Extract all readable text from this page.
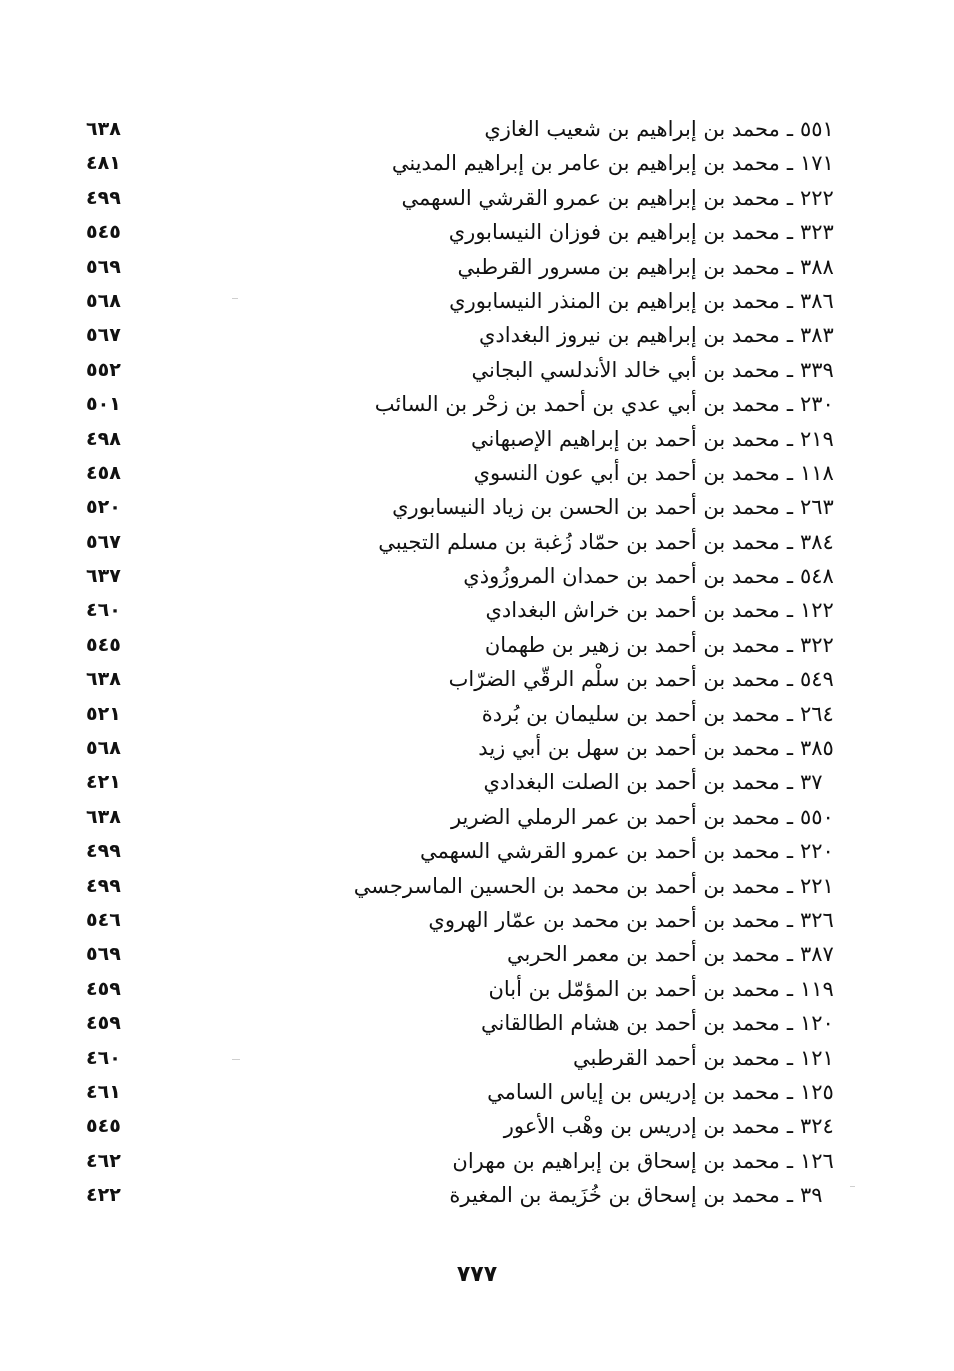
٥٥١ـمحمد بن إبراهيم بن شعيب الغازي
٦٣٨
١٧١ـمحمد بن إبراهيم بن عامر بن إبراهيم المديني
٤٨١
٢٢٢ـمحمد بن إبراهيم بن عمرو القرشي السهمي
٤٩٩
٣٢٣ـمحمد بن إبراهيم بن فوزان النيسابوري
٥٤٥
٣٨٨ـمحمد بن إبراهيم بن مسرور القرطبي
٥٦٩
٣٨٦ـمحمد بن إبراهيم بن المنذر النيسابوري
٥٦٨
٣٨٣ـمحمد بن إبراهيم بن نيروز البغدادي
٥٦٧
٣٣٩ـمحمد بن أبي خالد الأندلسي البجاني
٥٥٢
٢٣٠ـمحمد بن أبي عدي بن أحمد بن زحْر بن السائب
٥٠١
٢١٩ـمحمد بن أحمد بن إبراهيم الإصبهاني
٤٩٨
١١٨ـمحمد بن أحمد بن أبي عون النسوي
٤٥٨
٢٦٣ـمحمد بن أحمد بن الحسن بن زياد النيسابوري
٥٢٠
٣٨٤ـمحمد بن أحمد بن حمّاد زُغبة بن مسلم التجيبي
٥٦٧
٥٤٨ـمحمد بن أحمد بن حمدان المروزُوذي
٦٣٧
١٢٢ـمحمد بن أحمد بن خراش البغدادي
٤٦٠
٣٢٢ـمحمد بن أحمد بن زهير بن طهمان
٥٤٥
٥٤٩ـمحمد بن أحمد بن سلْم الرقّي الضرّاب
٦٣٨
٢٦٤ـمحمد بن أحمد بن سليمان بن بُردة
٥٢١
٣٨٥ـمحمد بن أحمد بن سهل بن أبي زيد
٥٦٨
٣٧ـمحمد بن أحمد بن الصلت البغدادي
٤٢١
٥٥٠ـمحمد بن أحمد بن عمر الرملي الضرير
٦٣٨
٢٢٠ـمحمد بن أحمد بن عمرو القرشي السهمي
٤٩٩
٢٢١ـمحمد بن أحمد بن محمد بن الحسين الماسرجسي
٤٩٩
٣٢٦ـمحمد بن أحمد بن محمد بن عمّار الهروي
٥٤٦
٣٨٧ـمحمد بن أحمد بن معمر الحربي
٥٦٩
١١٩ـمحمد بن أحمد بن المؤمّل بن أبان
٤٥٩
١٢٠ـمحمد بن أحمد بن هشام الطالقاني
٤٥٩
١٢١ـمحمد بن أحمد القرطبي
٤٦٠
١٢٥ـمحمد بن إدريس بن إياس السامي
٤٦١
٣٢٤ـمحمد بن إدريس بن وهْب الأعور
٥٤٥
١٢٦ـمحمد بن إسحاق بن إبراهيم بن مهران
٤٦٢
٣٩ـمحمد بن إسحاق بن خُزَيمة بن المغيرة
٤٢٢
٧٧٧
